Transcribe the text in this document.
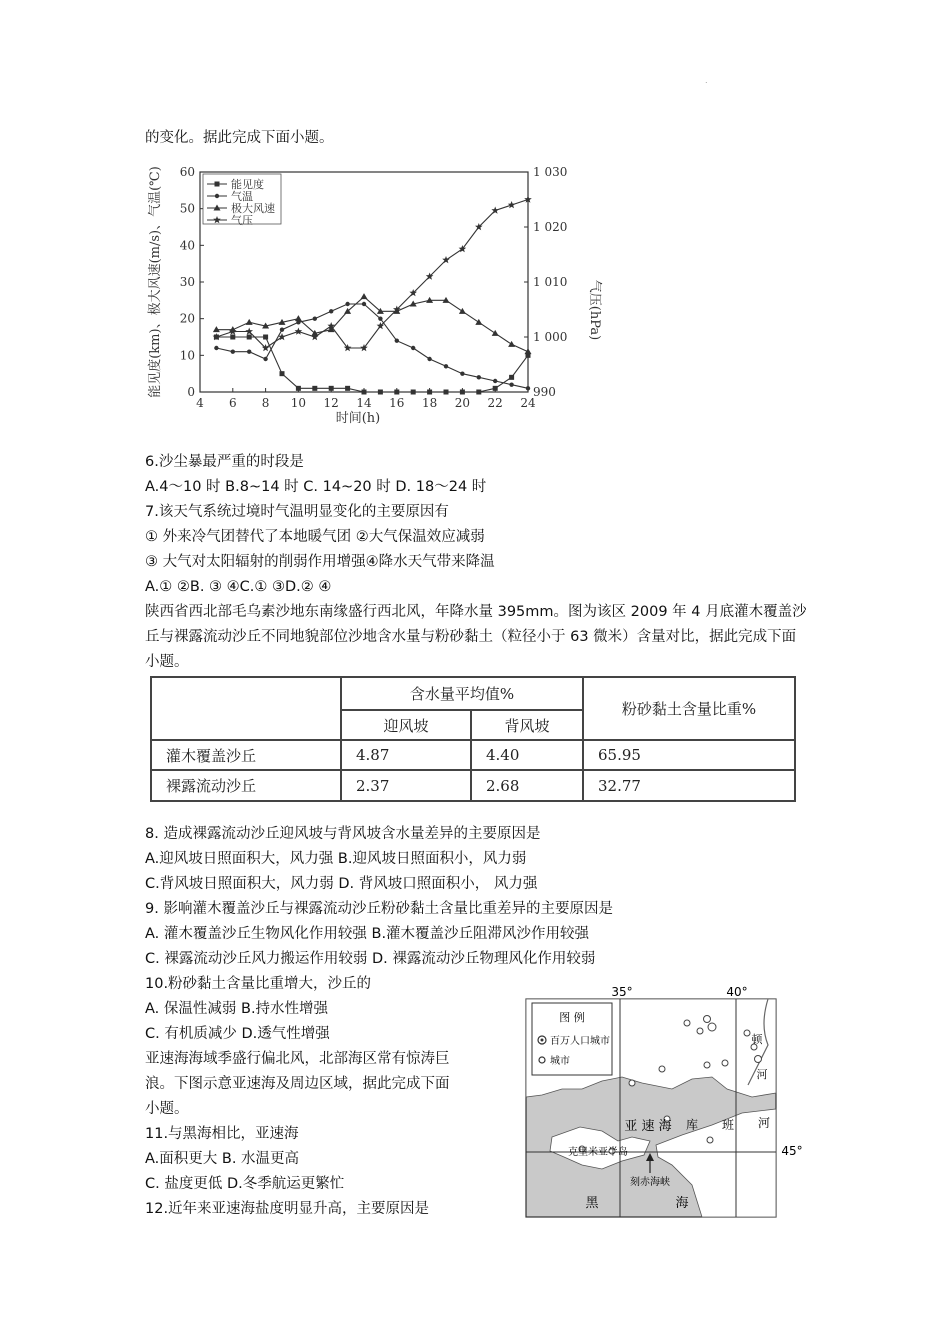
.
的变化。据此完成下面小题。
0
10
20
30
40
50
60
990
1 000
1 010
1 020
1 030
4 6 8 10 12 14 16 18 20 22 24
能见度
气温
极大风速
气压
能见度(km)、极大风速(m/s)、气温(℃)	气压(hPa)
时间(h)
6.沙尘暴最严重的时段是
A.4～10 时 B.8~14 时 C. 14~20 时 D. 18～24 时
7.该天气系统过境时气温明显变化的主要原因有
① 外来冷气团替代了本地暖气团 ②大气保温效应减弱
③ 大气对太阳辐射的削弱作用增强④降水天气带来降温
A.① ②B. ③ ④C.① ③D.② ④
陕西省西北部毛乌素沙地东南缘盛行西北风，年降水量 395mm。图为该区 2009 年 4 月底灌木覆盖沙丘与裸露流动沙丘不同地貌部位沙地含水量与粉砂黏土（粒径小于 63 微米）含量对比，据此完成下面小题。
	含水量平均值%		粉砂黏土含量比重%
	迎风坡	背风坡	
灌木覆盖沙丘	4.87	4.40	65.95
裸露流动沙丘	2.37	2.68	32.77
8. 造成裸露流动沙丘迎风坡与背风坡含水量差异的主要原因是
A.迎风坡日照面积大，风力强 B.迎风坡日照面积小，风力弱
C.背风坡日照面积大，风力弱 D. 背风坡口照面积小， 风力强
9. 影响灌木覆盖沙丘与裸露流动沙丘粉砂黏土含量比重差异的主要原因是
A. 灌木覆盖沙丘生物风化作用较强 B.灌木覆盖沙丘阻滞风沙作用较强
C. 裸露流动沙丘风力搬运作用较弱 D. 裸露流动沙丘物理风化作用较弱
10.粉砂黏土含量比重增大，沙丘的
A. 保温性减弱 B.持水性增强
C. 有机质减少 D.透气性增强
亚速海海域季盛行偏北风，北部海区常有惊涛巨
浪。下图示意亚速海及周边区域，据此完成下面
小题。
11.与黑海相比，亚速海
A.面积更大 B. 水温更高
C. 盐度更低 D.冬季航运更繁忙
12.近年来亚速海盐度明显升高，主要原因是
图 例
百万人口城市
城市
35°	40°
45°
亚 速 海
克里米亚半岛
刻赤海峡
黑	海
库 班 河
顿
河
